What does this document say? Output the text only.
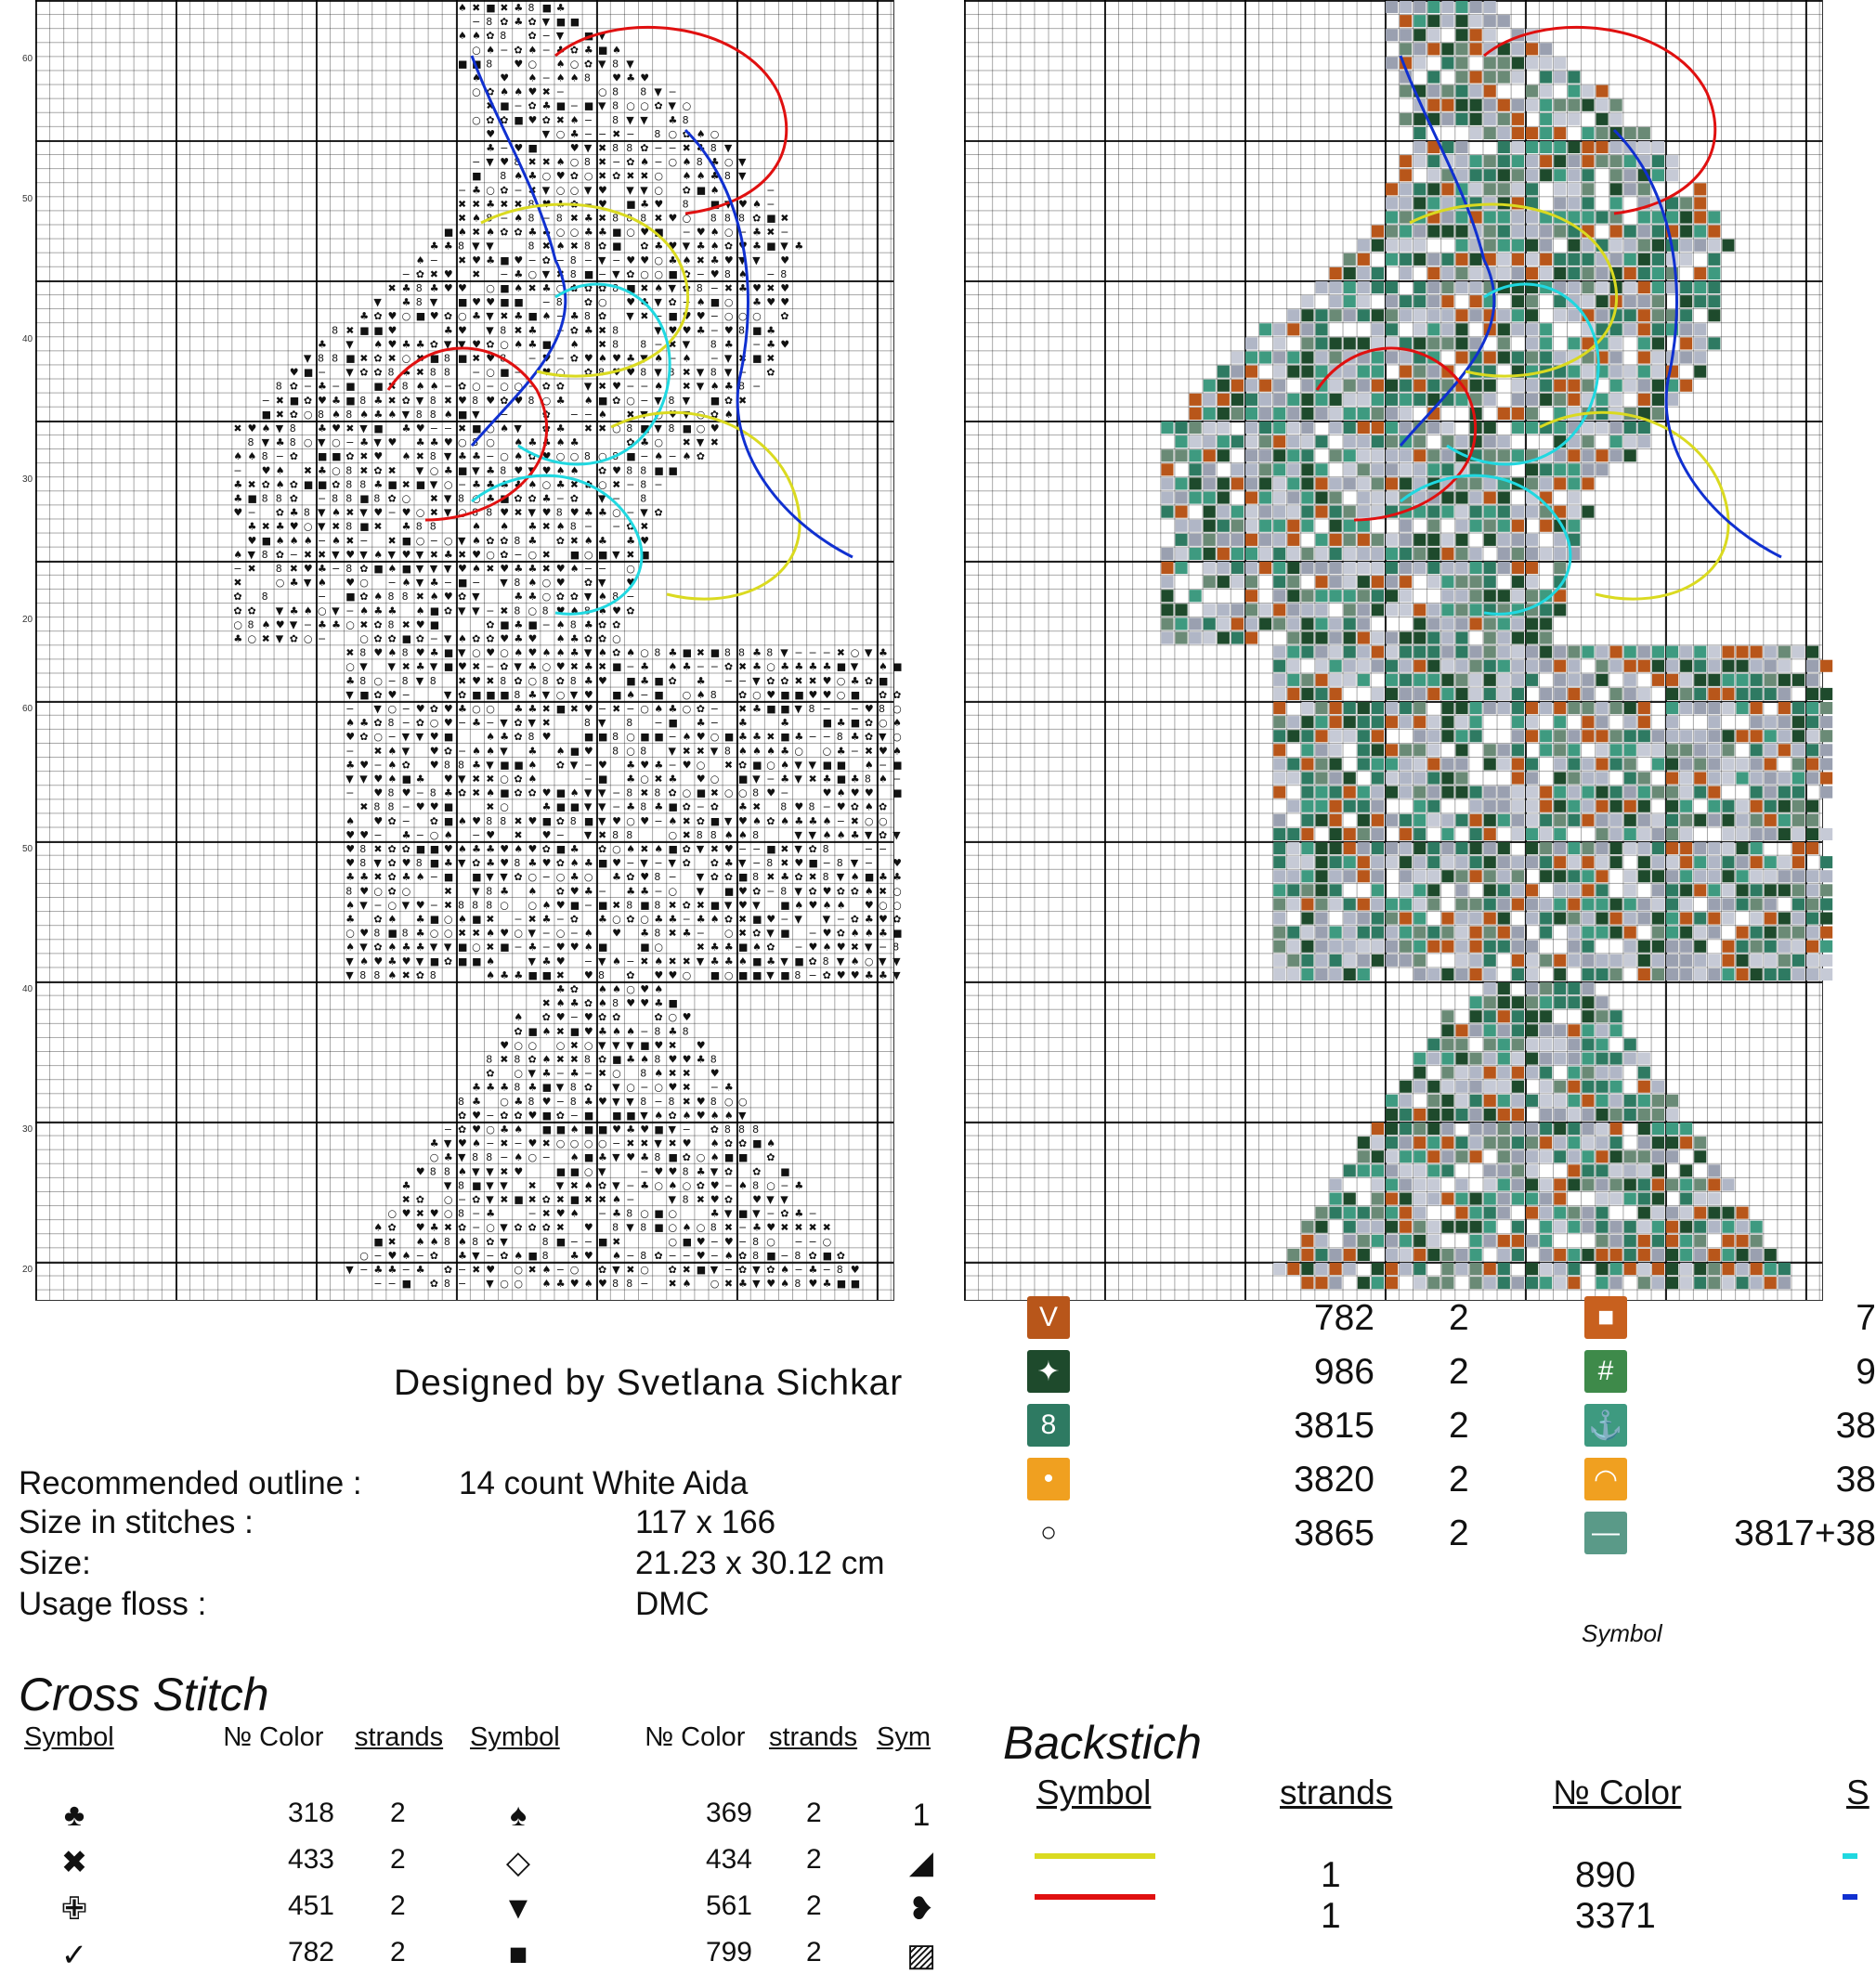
♠ ✖ ■ ✖ ♣ 8 ■ ♣
− 8 ✿ ♣ ✿ ▼ ■ ■
♠ ♠ ✿ 8 ✿ − ▼ ■ ▼
○ ♠ − ✿ ♠ − ♣ ✿ ♣ ■ ♠
■ ■ 8 ♥ ○ ♠ ○ ✿ ▼ 8 ▼
♠ ♥ ♠ − ♠ ♠ 8 ♥ ♣ ♥
○ ✿ ♠ ♠ ♥ ✖ −	○ 8 8 ▼ −
✖ ■ − ✿ ♣ ■ − ■ ▼ 8 ○ ○ ✿ ▼ ○
○ ✿ ✿ ■ ♥ ✿ ✖ ♠ − 8 ▼ ▼ ♣ 8
♥	▼ ○ ♣ − − ✖ − 8 ○ ✿ ♠ ○
♣ − ♥ ■	♥ ▼ ✖ 8 8 ✿ − − ✖ ♣ 8 ▼
− ▼ ♥ 8 ✖ ✖ ♠ ○ 8 ✖ − ✿ ♠ − ○ ♠ 8 ♣ ○ ▼
■ 8 ♠ ♣ ○ ♥ ✿ ○ ✖ ✿ ✖ ✖ ○ ♠ ♠ ♣ 8 ▼
− ♣ ○ ✿ − ✖ ▼ ○ ○ ▼ ♥ ▼ ▼ ○ ✿ ■ ♠	−
✖ ✖ ♣ ✖ ✖ 8 ♥ ♣ ✿ − ♥ ■ ♣ ♥ 8 ■ ▼ ♥ ♠ −
✖ ♠ 8 − ♠ 8 − 8 ✖ ♣ ✖ 8 8 8 ✖ ♥ ○ 8 8 8 ✿ ■ ✖
■ ♠ ✖ ♠ ✿ ✿ ♣ ♣ ○ ○ ♣ ♣ ■ ○ ♥ ■ − ♥ ♠ ○ − ♣ ✖ −
♣ ♣ 8 ▼ ▼	8 ✖ ♠ ✖ 8 ✿ ■ ✿ ♣ ♥ ▼ ♣ ♠ ✿ ♥ ♣ ■ ▼ ♣
♠ − ✖ ♥ ♣ ■ ♥ − ✿ − 8 − ▼ − ♥ ♥ ○ ♣ ♠ ✖ ♣ ♥ ▼ ▼ ♥
− ✿ ✖ ♥ ✖ − ♣ ○ ▼ ✖ 8 ■ − ▼ ✿ ○ ○ ■ ✿ − ♥ 8 ♠ − 8
✖ ♣ 8 ♣ ♥ ♥ ○ ■ ♠ ✖ ♣ ○ ✿ ✿ ✿ 8 ■ ✖ ♠ ▼ ✿ 8 − ✖ ♣ ♥ ✖ ♥
▼ ♣ 8 ▼ ■ ♥ ♥ ■ ■ − 8 ✿ ○ ♥ ♣ ▼ ✿ − ♠ ■ ○ ♣ ♥ ♥
♣ ✿ ♥ ○ ■ ♥ ✿ ○ ♣ ▼ ✖ ♣ ■ ♠ − ♣ 8 ✿ ▼ ✖ − ■ ♥ ♥ − ○ ○ ○ ✿
8 ✖ ■ ■ ♥	♣ ♥ ▼ 8 ✖ ♣ − ✿ ♣ ✖ 8	▼ ♥ ♥ ♣ − ♥ 8 ■ ♣
♣ ▼ ♠ ♥ ♣ ♣ ✿ ▼ ▼ ♥ ✿ ○ ♠ ♣ ■ ♠ ✖ 8 8 − ✖ ▼ 8 ♣ − ♣ ♥
▼ 8 8 ■ ✖ ✿ ✖ ○ ✖ ■ 8 ■ ✖ ♥ 8 − ♥ − ✿ ♥ ♠ ♥ ♣ ▼ ♠ − ♠ − ▼ ✖ ■ ✖
♥ ■ − ▼ ✿ ✿ 8 ♣ ✖ 8 8 − ○ ■ − ♥ ○ ✿ 8 ♥ ♥ 8 ▼ 8 ✖ ▼ 8 ▼ − ✿
8 ✿ − ♣ − ■ ■ ✖ 8 ♠ ♠ − ✿ ○ − ○ ○ − ✿ ✿ ▼ ✖ ♥ − − ♠ ✖ ▼ ♠ ♣ 8 −
− ✖ ■ ✿ ♥ ♣ ■ 8 ♣ ✖ ✿ ▼ 8 ✖ ♥ 8 ♥ ✿ ♥ 8 ○ ♣ ♠ ■ ✿ ○ − ▼ 8 ▼ ■ ✿ ✖
■ ✖ ✿ ○ 8 ♠ 8 ♠ ♣ ♠ ▼ 8 8 ♠ ■ ▼ −	✿ − − ♠ ✖ ▼ ○ ♥ ▼ ○ ✿ ♠
✖ ♥ ♠ ▼ 8 ♣ ♥ ✖ ▼ ■ ♣ ♥ − − ✖ ■ ○ ♠ ▼ ✿ ♣ ✖ ✖ ○ 8 ■ ▼ 8 ■ ○ ♥
8 ▼ ♣ 8 ○ ▼ ○ − ♣ ▼ ♥ ♣ ♣ ♥ ○ 8 ○ ♠ ♣ ♣ ♠ ♣	✿ ♣ ○ ✖ ▼ ✖
♠ ♠ 8 − ✿ ■ ■ ✿ ✖ ♥ ♠ ✖ 8 ▼ ♣ ♣ − ○ ♠ ✿ ♥ ○ ○ 8 ○ 8 ■ − ♠ − ♠ ✿
− ♥ ♠ ✖ ♣ ○ 8 ✖ ✿ ✖ ▼ ○ ♣ ■ ▼ ♣ 8 ♥ ▼ ♥ ♠ ♠ ✿ ♥ 8 8 ■ ■
♣ ✖ ✿ ♠ ✿ ■ ■ ✿ 8 8 ♣ ■ ✖ ■ ▼ ○ − ♣ ♣ ♣ ♣ ♠ ○ ♣ ✖ ✿ ○ ✖ − 8 −
♣ ■ 8 8 ✿ − 8 8 ■ 8 ✿ ○ ✖ ▼ 8 ○ ♣ ■ ✿ ✿ ♣ − ✿ ▼ − 8
♥ − ✿ ♣ 8 ▼ ♠ ✖ ▼ ♥ − ♥ ○ ✖ ▼ ○ 8 8 ♥ ✖ ▼ ♥ 8 ♥ ♣ ♣ ○ − ▼ ✿
♣ ✖ ♣ ♥ ○ ▼ ✖ 8 ■ ✖ ♣ 8 8	♠ ♠ ♣ ✖ ♠ 8 − − ✿ ✖
♥ ■ ♠ ♠ ♠ − ♠ ✖ − ✖ ■ ○ − ○ ▼ ♠ ✿ ✿ 8 ♣ ✿ ✖ ♠ ♣ ♣ ♥
♠ ▼ 8 ✿ − ✖ ✖ ▼ ♥ ▼ ♠ ▼ ♥ ▼ ✖ ♣ ✖ ♥ ○ ✿ − ○ ✖ ■ ○ ■ ▼ ✖ ■
− ✖ 8 ✖ ♥ ♣ − 8 ✿ ■ ♠ ■ ▼ ▼ ▼ ♥ ♠ ✖ ♥ ♣ ♣ ✖ ♥ ♠ − − ○
✖	○ ♣ ▼ ♠ ♥ ○ − ♠ ▼ ♣ − ■ − ▼ 8 ♠ ○ ♥ ✿ ▼ ♥
✿ 8	− ■ ✿ ♠ 8 8 ✖ ♠ ♥ ✿ ▼	♣ ♣ ○ ✿ ✿ ▼ ♠ 8 −
✿ ✿ ▼ ♣ ♠ ○ ▼ − ♠ ♣ ♣ ♠ ■ ✿ ▼ ▼ − ✖ 8 ○ 8 ♥ ♠ 8 ♠ ♥ ✿
○ 8 ♠ ♥ ▼ − ♣ ♣ ○ ✖ ✿ 8 ✖ ♥ ■	✿ ■ ♣ ■ − ♠ 8 ♣ ✿ ✿
♣ ○ ✖ ▼ ✿ ○ −	○ ✿ ✿ ■ ✿ − ▼ ♠ ✿ ✿ ♥ ♣ ♥ ♠ ♣ ✿ ✿ ○
✖ 8 ♥ ♠ 8 ♥ ♣ ■ ▼ ○ ♥ ○ ♠ ♥ ♠ ♠ ♣ ▼ ♠ ✿ ♠ ○ 8 ♣ ■ ✖ ■ 8 8 ♣ 8 ▼ − − − ✖ ○ ▼ ♣
○ ▼ ▼ ✖ ♣ ▼ ■ ♥ ✖ − ✿ ▼ ♣ ○ ♥ ✖ ♣ ✖ ■ − ♣ ♠ ♣ − − ✿ ✖ ♣ ○ ♣ ♣ ♣ ♣ ■ ▼ ♠ ■
♣ 8 ○ − 8 ▼ 8 ✖ ♥ ✖ 8 ✿ ○ 8 ✿ 8 ♣ ♥ ■ ♣ ■ ✿ ♣ − − ▼ ✿ ✿ ✖ ✖ ♥ ○ ♣ ✿ ■
▼ ■ ✿ ♥ −	▼ ✿ ■ ■ ■ 8 ♣ ▼ ○ ▼ ♥ ■ ♠ − ■ ○ ♠ 8 ✿ ○ ♥ ■ ■ ♥ ♥ ○ ■ ✿ ✿
− ▼ ○ − ♥ ✿ ♥ ♣ ○ ○ ♣ ♣ ✖ ■ ✖ ♥ − ✖ − ○ ♠ ♣ ○ ✿ − ✖ ♣ ■ ■ ▼ 8 − − ♥ 8 ○
♠ ♣ ✿ 8 − ✿ ○ ♥ − ♣ − ▼ ✿ ▼ ✖	8 ▼ 8 − ■ ♣ − ♣	♣	■ ♣ ■ ✿ ○ ♠
♥ ✿ ○ − ▼ ▼ ♥ ■	♠ ♣ ✿ 8 ♥	■ ■ 8 ○ ■ ■ − ♠ ♥ ○ ■ ♣ ♣ ✖ ■ ♣ − − 8 ♣ ✿ ▼ ○
− ✖ ♠ ▼ ♥ ✿ − ♠ ♠ ▼ ♣ ♠ ■ ♥ 8 ○ 8 ▼ ✖ ✖ ▼ 8 ♠ ♠ ♠ ♣ ○ ○ ♣ − ✖ ♥ ♠
♣ ♥ − ♠ ✿ ♥ 8 8 ♣ ▼ ■ ■ ♠ ✿ ▼ − ♥ ♣ ♥ ♣ − ♥ ○ ✖ ✿ ■ ○ ♠ ▼ ▼ ■ ■ ♠ − ■
▼ ▼ ♥ ♠ ■ ♣ ♥ ▼ ✖ ✖ ○ ✿ ♠	− ■ ♣ ○ ✖ ♣ ♥ ○ ■ ▼ − ♣ ▼ ✖ ♣ ■ ♣ 8 ♠ −
− ♥ 8 ♥ − 8 ♣ ✿ ✖ ♠ ■ ✿ ✿ ♥ ■ ♠ ▼ ▼ − 8 ✖ 8 ✿ ○ ■ ✖ ○ ○ 8 ♥ −	♥ ♠ ♥ ♥ ■
✖ 8 8 − ♥ ♥ ■	✖ ○	♣ ■ ■ ▼ ▼ − ♣ 8 ♣ ■ ✿ − ✿ ♣ ✖ 8 ♥ 8 − ♥ ✿ ♠ ✿
♠ ♥ ✿ − ✿ ■ ♠ ♥ 8 8 ✖ ♥ ■ ✿ 8 ■ ▼ ♥ ○ ♥ − ♠ ✖ ✿ ■ ▼ ♥ ♠ ✿ ♠ ♣ ♣ ♠ − ✖ ○ ○
♥ ♥ − ♣ − ○ ♠ − ♥ ✖ ♥ − ▼ ✖ 8 8	○ ✖ 8 8 ♠ ♠ 8	▼ ▼ ♠ ♠ ♣ ▼ ✿ ▼
♥ 8 ✖ ✿ ✿ ■ ■ ♥ ♠ ♣ ♣ ♥ ♠ ♥ ✿ ■ ♣ ✿ ○ ♠ ✖ ♠ ■ ✿ ▼ ✖ ♥ − − ■ ✖ ▼ ✿ 8	− −
♥ 8 ▼ ✿ ♥ 8 ■ ♣ ▼ ✿ ♣ ♥ 8 ♣ ♥ ✿ ♠ ♣ ■ ♥ − ▼ − ▼ ✿ ✿ ♣ ▼ − 8 ✖ ♥ ■ − 8 ▼ − ♥
♣ ♣ ✖ ✿ ♣ ♠ − ■ ■ ▼ ▼ ✿ ○ − ○ ♣ ○ ♣ ✿ ♥ 8 − ▼ ✿ ✿ ■ 8 ✖ ♣ ✿ ✖ 8 ▼ ♠ ■ ♣ ♣
8 ♥ ○ ✿ ○	✖ ▼ 8 ♣ ♠ ✿ ♥ ♣ − ♣ ♣ − ○ ▼ ■ ♥ ✿ − 8 ▼ ✿ ♥ ✿ ✿ ♠ ✖ ○
♠ ▼ − ○ ▼ ♥ − ✖ 8 8 8 ○ ○ ♠ ♥ ■ − ■ ✖ 8 ■ 8 ✖ ✿ ✖ ■ ▼ ♥ ▼ ■ ♠ ♥ ♠ ♠ ♥ ○ ○
♣ ✿ ♠ ♣ ■ ○ ♠ ■ ✖ − ✖ ♣ − ✿ ♣ ○ ✿ ○ ♣ ♣ − ♣ ♠ ✿ ✖ ■ ♥ − ▼ ▼ − ✿ ♣ ♥ ✿
○ ♥ 8 ■ 8 ♣ ○ ○ ✖ ✖ ♠ ♥ ○ ▼ − ○ − ♠ ♥ ♣ 8 ✖ ♣ − ○ ✖ ✿ ▼ ■ − ♥ ✿ ♠ ♠ ♣ ■
♠ ▼ ✿ ♠ ♣ ♣ ▼ ▼ ■ ○ ✖ ■ − ♣ − ♥ ♥ ♠ ■	■ ○	✖ ♣ ♣ ■ ♠ ✿ − ♥ ♠ ♥ ✖ ▼ − 8
▼ ♠ ♥ ♣ ♥ ▼ ■ ✿ ■ ■ ♠	▼ ♣ ♥ − ▼ ♠ − ✖ ♠ ✖ ✖ ▼ ♣ ♣ ♠ ■ ♣ ▼ ■ ✿ 8 ▼ ♠ ○ ▼ ▼
▼ 8 8 ♠ ✖ ✿ 8	♠ ♣ ♣ ■ ■ ✖ ♥ 8 ✿ ♥ ♥ ○ ■ ○ ■ ■ ▼ ■ 8 − ✿ ♥ ♥ ♣ ♣ ▼
♣ ✿ ♠ ♠ ○ ♥ ♠
✖ ♠ ♣ ✿ ♠ 8 ♥ ♥ ♣ ■
♠ ✿ ♥ − ♥ ✿ ✿	✿ ○ ♥
✿ ■ ♠ ✖ ■ ♥ ♣ ♠ ♠ − 8 ♣ 8
♥ ○ ○ ○ ✖ ○ ▼ ▼ ▼ ■ ♥ ✖ ♥
8 ✖ 8 ✿ ♠ ✖ ✖ 8 ✿ ■ ♣ ♠ 8 ♥ ♥ ♣ 8
✿ ○ ▼ ♣ − ♣ − ✖ ○ 8 ♠ ✖ ✖ ♥
♣ ♣ ♣ 8 ♣ ■ ▼ 8 ✿ ▼ ○ − ○ ♥ ✖ − ♣
8 ♣ ○ ♣ 8 ♥ − 8 ♣ ♥ ▼ ▼ 8 − 8 ✖ ♥ 8 ○ ○
✿ ♥ − ✿ ✿ ♥ ■ ✿ − ■ ■ ■ ▼ ♠ ✿ ♠ ♥ ♠ ♠ ▼
− ✿ ♥ ○ ♣ ♠ ■ ■ ♠ ■ ■ ♥ ♣ ♥ ■ ▼ − ✿ 8 8 8
♣ ▼ ♥ ♠ − ✖ − ♥ ✖ ○ ○ ○ ○ − ✖ ✖ ▼ ✖ ♥ ♠ ✿ ✿ ■ ♠
○ ♣ ▼ 8 8 − ♠ ○ − ♠ ■ ♣ ▼ ♥ ♣ 8 ■ ✿ ○ ♠ ■ ■ ✿
♥ 8 8 ♠ ▼ ▼ ✖ ♥	■ ■ ○ ▼	− ♥ ♥ 8 ♣ ▼ ✿ ✿ ■
♣	▼ 8 ■ ▼ ▼ ✖ ▼ ✖ ♠ ✿ ▼ − ♣ ○ ♠ ○ ✿ ♥ − ♠ 8 ○ − ♣
✖ ✿ ○ − ✿ ▼ ✖ ■ ✖ ✿ ✖ ■ ✖ ✖ ♠ −	▼ 8 ✖ ♥ ✿ ♥ ▼ ▼
○ ♥ ✖ ♥ ○ 8 − ♣	− ✖ ♥ ♠ − ♣ 8 ○ ■ ○	♣ ▼ ■ ▼ − ✿ ♣ −
♠ ✿ ♥ ♣ ✖ ✿ − ○ ▼ ✿ ✿ ✿ ✖ ♥ 8 ▼ 8 ■ ○ ♠ ○ 8 ✖ − ♣ ♥ ✖ ✖ ✖ ✖
■ ✖ ♠ ♠ 8 ♠ 8 ✿ ▼	8 ■ − − ■ ✖	○ ■ ♥ − ♥ − 8 ○ − − ○
○ − ♥ ♠ − ✿ ♣ ▼ − ✿ ♠ ■ 8 ♣ ♥ ♠ − 8 ✿ − − ♥ − ♠ ✿ 8 ■ − 8 ✿ ■ ✿
▼ − ♣ ♣ − ♣ ✿ − ✖ ♥ ○ ✖ ♠ − ○ ✿ ▼ ✖ ○ ✿ ✖ ■ ▼ − ✿ ▼ ✿ ♠ − ♣ − 8 ♥
− − ■ ✿ 8 − ▼ ○ ○ ♠ ♣ ♥ ♠ ♥ 8 8 − ✖ ♠ ○ ✖ ♣ ▼ ♥ ♠ 8 ♥ ♣ ■ ■
60
50
40
30
20
60
50
40
30
20
Designed by Svetlana Sichkar
Recommended outline :	14 count White Aida
Size in stitches :	117 x 166
Size:	21.23 x 30.12 cm
Usage floss :	DMC
Cross Stitch
Symbol	№ Color strands Symbol	№ Color strands Sym
♣	318 2	♠	369 2	1
✖	433 2	◇	434 2	◢
✙	451 2	▼	561 2	❥
✓	782 2	■	799 2	▨
V	782 2	■	7
✦	986 2	#	9
8	3815 2	⚓	38
•	3820 2	◠	38
○	3865 2	—	3817+38
Symbol
Backstich
Symbol	strands	№ Color	S
1	890
1	3371
